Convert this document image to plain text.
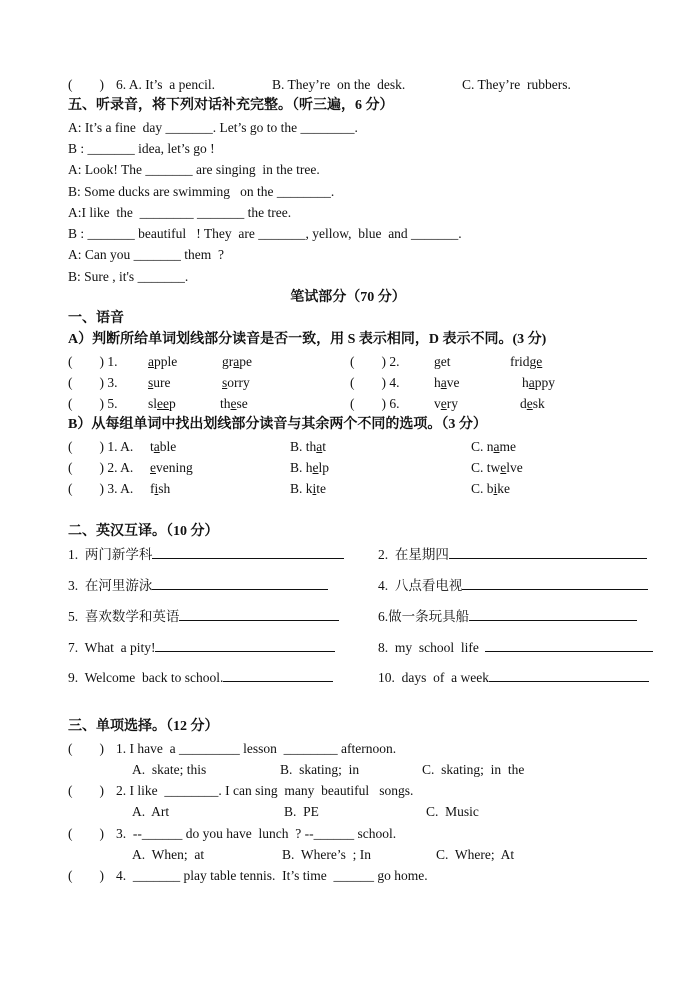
(        ) 6. A. It’s  a pencil.	B. They’re  on the  desk.	C. They’re  rubbers.
五、听录音，将下列对话补充完整。（听三遍，6 分）
A: It’s a fine  day _______. Let’s go to the ________.
B : _______ idea, let’s go !
A: Look! The _______ are singing  in the tree.
B: Some ducks are swimming   on the ________.
A:I like  the  ________ _______ the tree.
B : _______ beautiful   ! They  are _______, yellow,  blue  and _______.
A: Can you _______ them  ?
B: Sure , it's _______.
笔试部分（70 分）
一、语音
A）判断所给单词划线部分读音是否一致，用 S 表示相同，D 表示不同。(3 分)
(        ) 1. apple	grape	(        ) 2.	get	fridge
(        ) 3. sure	sorry	(        ) 4.	have	happy
(        ) 5. sleep	these	(        ) 6.	very	desk
B）从每组单词中找出划线部分读音与其余两个不同的选项。（3 分）
(        ) 1. A. table	B. that	C. name
(        ) 2. A. evening	B. help	C. twelve
(        ) 3. A. fish	B. kite	C. bike
二、英汉互译。（10 分）
1.  两门新学科	2.  在星期四
3.  在河里游泳	4.  八点看电视
5.  喜欢数学和英语	6.做一条玩具船
7.  What  a pity!	8.  my  school  life
9.  Welcome  back to school.	10.  days  of  a week
三、单项选择。（12 分）
(        ) 1. I have  a _________ lesson  ________ afternoon.
A.  skate; this	B.  skating;  in	C.  skating;  in  the
(        ) 2. I like  ________. I can sing  many  beautiful   songs.
A.  Art	B.  PE	C.  Music
(        ) 3.  --______ do you have  lunch  ? --______ school.
A.  When;  at	B.  Where’s  ; In	C.  Where;  At
(        ) 4.  _______ play table tennis.  It’s time  ______ go home.
